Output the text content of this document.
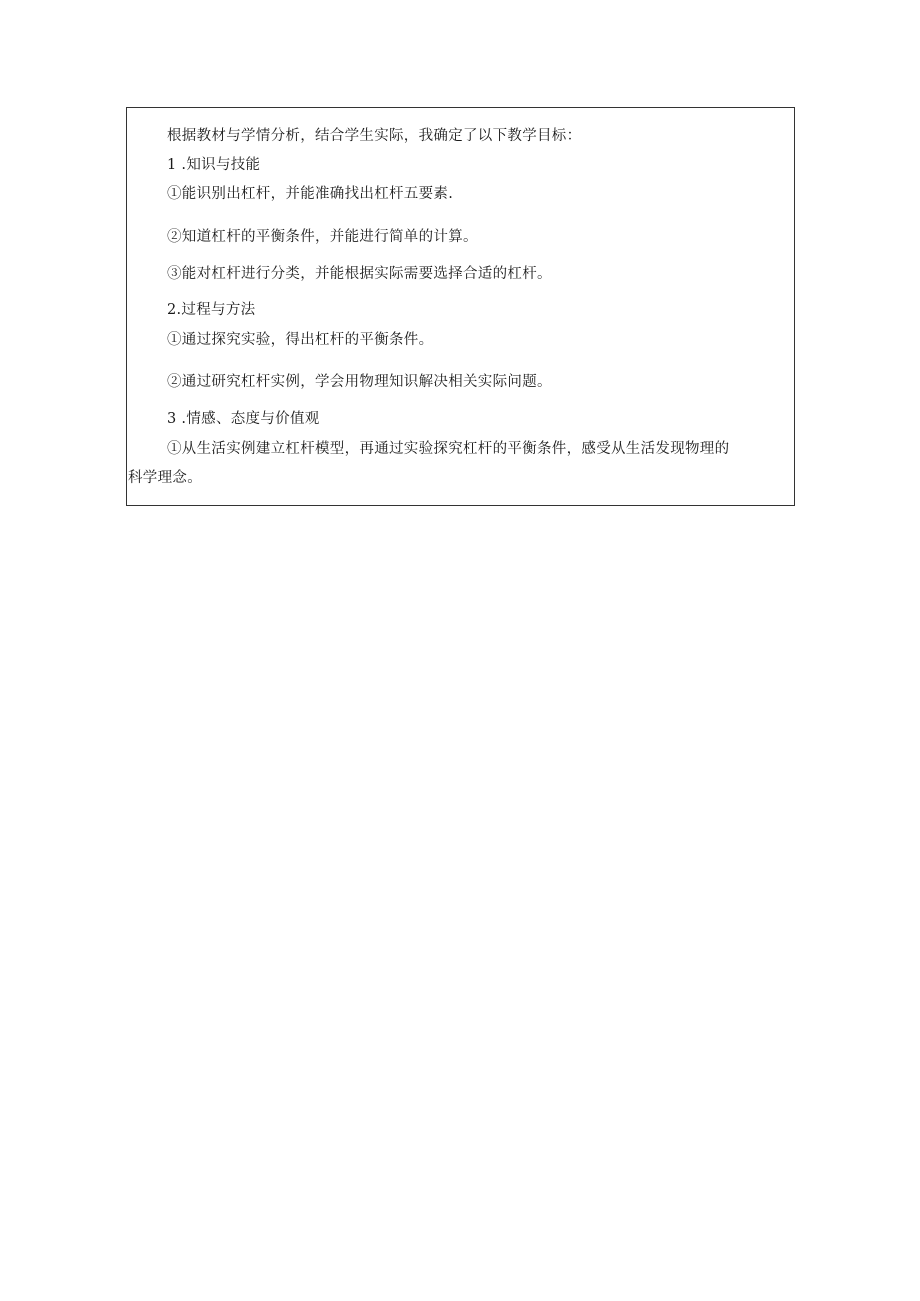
根据教材与学情分析，结合学生实际，我确定了以下教学目标：
1 .知识与技能
①能识别出杠杆，并能准确找出杠杆五要素.
②知道杠杆的平衡条件，并能进行简单的计算。
③能对杠杆进行分类，并能根据实际需要选择合适的杠杆。
2.过程与方法
①通过探究实验，得出杠杆的平衡条件。
②通过研究杠杆实例，学会用物理知识解决相关实际问题。
3 .情感、态度与价值观
①从生活实例建立杠杆模型，再通过实验探究杠杆的平衡条件，感受从生活发现物理的
科学理念。
